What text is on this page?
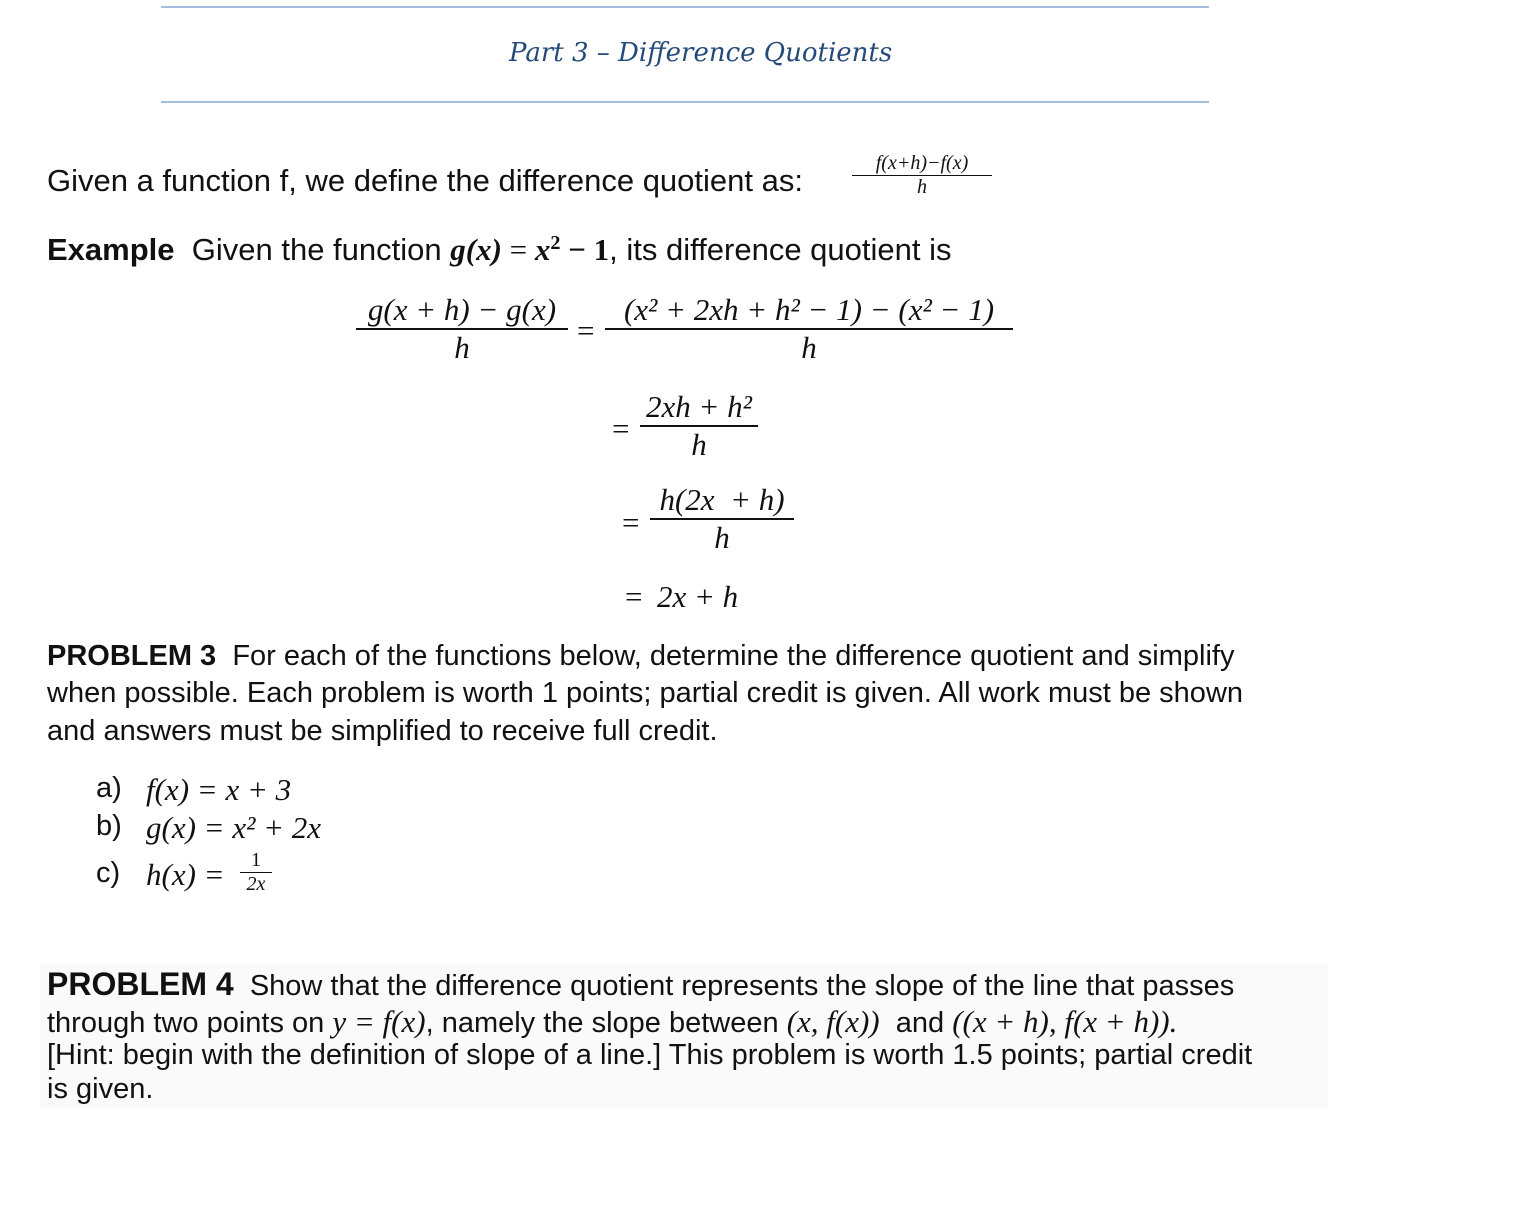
Part 3 – Difference Quotients
Given a function f, we define the difference quotient as:	f(x+h)−f(x)
h
Example Given the function $g(x) = x^2 - 1$, its difference quotient is
g(x + h) − g(x)
h	=
(x² + 2xh + h² − 1) − (x² − 1)
h
=
2xh + h²
h
=
h(2x  + h)
h
= 2x + h
PROBLEM 3 For each of the functions below, determine the difference quotient and simplify
when possible. Each problem is worth 1 points; partial credit is given. All work must be shown
and answers must be simplified to receive full credit.
a) f(x) = x + 3
b) g(x) = x² + 2x
c) h(x) =	1
2x
PROBLEM 4 Show that the difference quotient represents the slope of the line that passes
through two points on y = f(x), namely the slope between (x, f(x)) and ((x + h), f(x + h)).
[Hint: begin with the definition of slope of a line.] This problem is worth 1.5 points; partial credit
is given.
